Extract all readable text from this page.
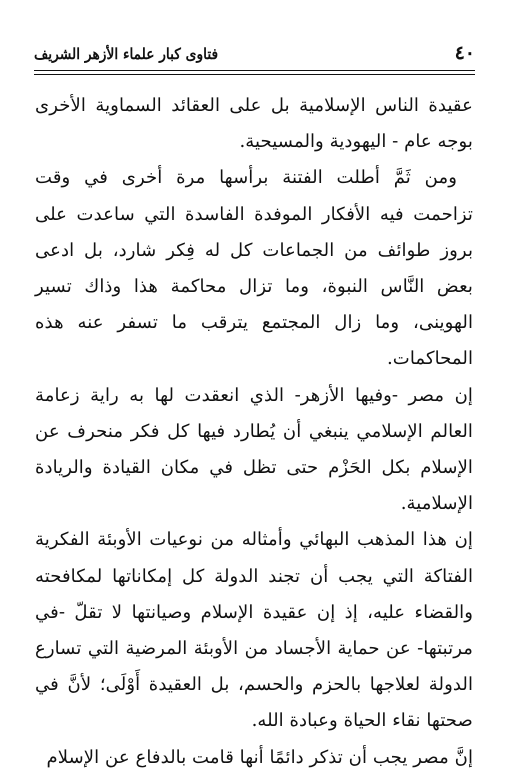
٤٠
فتاوى كبار علماء الأزهر الشريف

عقيدة الناس الإسلامية بل على العقائد السماوية الأخرى بوجه عام - اليهودية والمسيحية.

ومن ثَمَّ أطلت الفتنة برأسها مرة أخرى في وقت تزاحمت فيه الأفكار الموفدة الفاسدة التي ساعدت على بروز طوائف من الجماعات كل له فِكر شارد، بل ادعى بعض النَّاس النبوة، وما تزال محاكمة هذا وذاك تسير الهوينى، وما زال المجتمع يترقب ما تسفر عنه هذه المحاكمات.

إن مصر -وفيها الأزهر- الذي انعقدت لها به راية زعامة العالم الإسلامي ينبغي أن يُطارد فيها كل فكر منحرف عن الإسلام بكل الحَزْم حتى تظل في مكان القيادة والريادة الإسلامية.

إن هذا المذهب البهائي وأمثاله من نوعيات الأوبئة الفكرية الفتاكة التي يجب أن تجند الدولة كل إمكاناتها لمكافحته والقضاء عليه، إذ إن عقيدة الإسلام وصيانتها لا تقلّ -في مرتبتها- عن حماية الأجساد من الأوبئة المرضية التي تسارع الدولة لعلاجها بالحزم والحسم، بل العقيدة أَوْلَى؛ لأنَّ في صحتها نقاء الحياة وعبادة الله.

إنَّ مصر يجب أن تذكر دائمًا أنها قامت بالدفاع عن الإسلام
